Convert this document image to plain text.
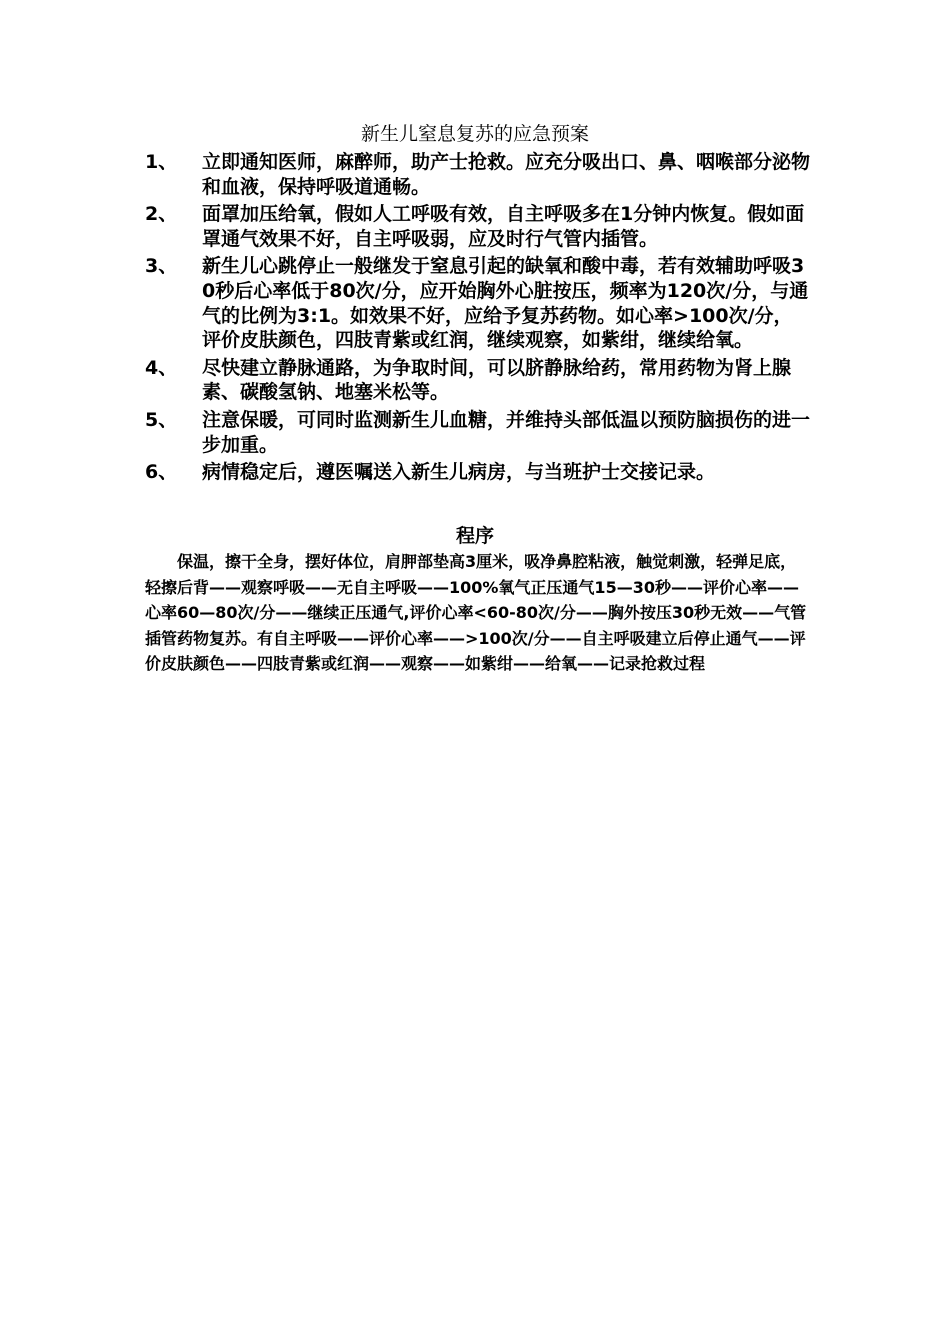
新生儿窒息复苏的应急预案
1、 立即通知医师，麻醉师，助产士抢救。应充分吸出口、鼻、咽喉部分泌物和血液，保持呼吸道通畅。
2、 面罩加压给氧，假如人工呼吸有效，自主呼吸多在1分钟内恢复。假如面罩通气效果不好，自主呼吸弱，应及时行气管内插管。
3、 新生儿心跳停止一般继发于窒息引起的缺氧和酸中毒，若有效辅助呼吸30秒后心率低于80次/分，应开始胸外心脏按压，频率为120次/分，与通气的比例为3:1。如效果不好，应给予复苏药物。如心率>100次/分，评价皮肤颜色，四肢青紫或红润，继续观察，如紫绀，继续给氧。
4、 尽快建立静脉通路，为争取时间，可以脐静脉给药，常用药物为肾上腺素、碳酸氢钠、地塞米松等。
5、 注意保暖，可同时监测新生儿血糖，并维持头部低温以预防脑损伤的进一步加重。
6、 病情稳定后，遵医嘱送入新生儿病房，与当班护士交接记录。
程序

保温，擦干全身，摆好体位，肩胛部垫高3厘米，吸净鼻腔粘液，触觉刺激，轻弹足底，轻擦后背——观察呼吸——无自主呼吸——100%氧气正压通气15—30秒——评价心率——心率60—80次/分——继续正压通气,评价心率<60-80次/分——胸外按压30秒无效——气管插管药物复苏。有自主呼吸——评价心率——>100次/分——自主呼吸建立后停止通气——评价皮肤颜色——四肢青紫或红润——观察——如紫绀——给氧——记录抢救过程
